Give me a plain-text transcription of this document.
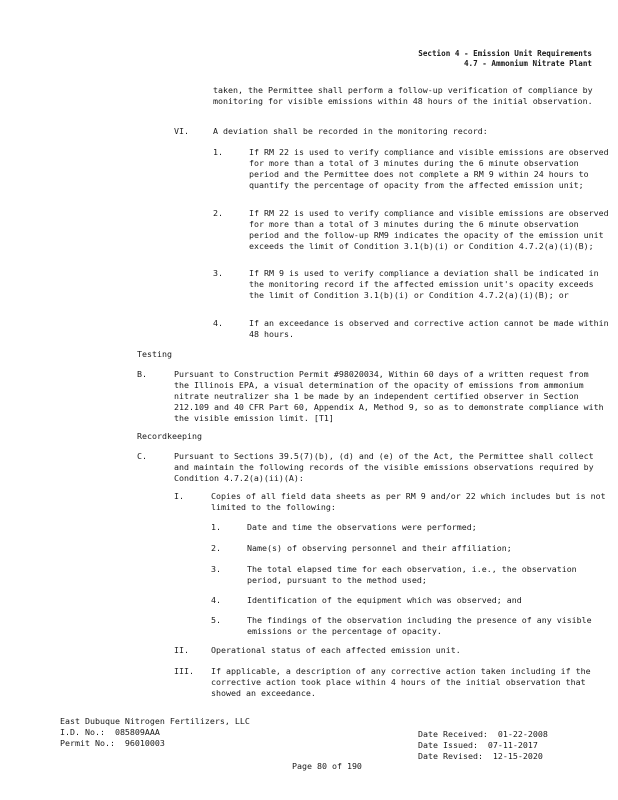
Section 4 - Emission Unit Requirements
4.7 - Ammonium Nitrate Plant
taken, the Permittee shall perform a follow-up verification of compliance by monitoring for visible emissions within 48 hours of the initial observation.
VI.	A deviation shall be recorded in the monitoring record:
1.	If RM 22 is used to verify compliance and visible emissions are observed for more than a total of 3 minutes during the 6 minute observation period and the Permittee does not complete a RM 9 within 24 hours to quantify the percentage of opacity from the affected emission unit;
2.	If RM 22 is used to verify compliance and visible emissions are observed for more than a total of 3 minutes during the 6 minute observation period and the follow-up RM9 indicates the opacity of the emission unit exceeds the limit of Condition 3.1(b)(i) or Condition 4.7.2(a)(i)(B);
3.	If RM 9 is used to verify compliance a deviation shall be indicated in the monitoring record if the affected emission unit's opacity exceeds the limit of Condition 3.1(b)(i) or Condition 4.7.2(a)(i)(B); or
4.	If an exceedance is observed and corrective action cannot be made within 48 hours.
Testing
B.	Pursuant to Construction Permit #98020034, Within 60 days of a written request from the Illinois EPA, a visual determination of the opacity of emissions from ammonium nitrate neutralizer sha 1 be made by an independent certified observer in Section 212.109 and 40 CFR Part 60, Appendix A, Method 9, so as to demonstrate compliance with the visible emission limit. [T1]
Recordkeeping
C.	Pursuant to Sections 39.5(7)(b), (d) and (e) of the Act, the Permittee shall collect and maintain the following records of the visible emissions observations required by Condition 4.7.2(a)(ii)(A):
I.	Copies of all field data sheets as per RM 9 and/or 22 which includes but is not limited to the following:
1.	Date and time the observations were performed;
2.	Name(s) of observing personnel and their affiliation;
3.	The total elapsed time for each observation, i.e., the observation period, pursuant to the method used;
4.	Identification of the equipment which was observed; and
5.	The findings of the observation including the presence of any visible emissions or the percentage of opacity.
II.	Operational status of each affected emission unit.
III. If applicable, a description of any corrective action taken including if the corrective action took place within 4 hours of the initial observation that showed an exceedance.
East Dubuque Nitrogen Fertilizers, LLC
I.D. No.:  085809AAA
Permit No.:  96010003
Date Received:  01-22-2008
Date Issued:  07-11-2017
Date Revised:  12-15-2020
Page 80 of 190
